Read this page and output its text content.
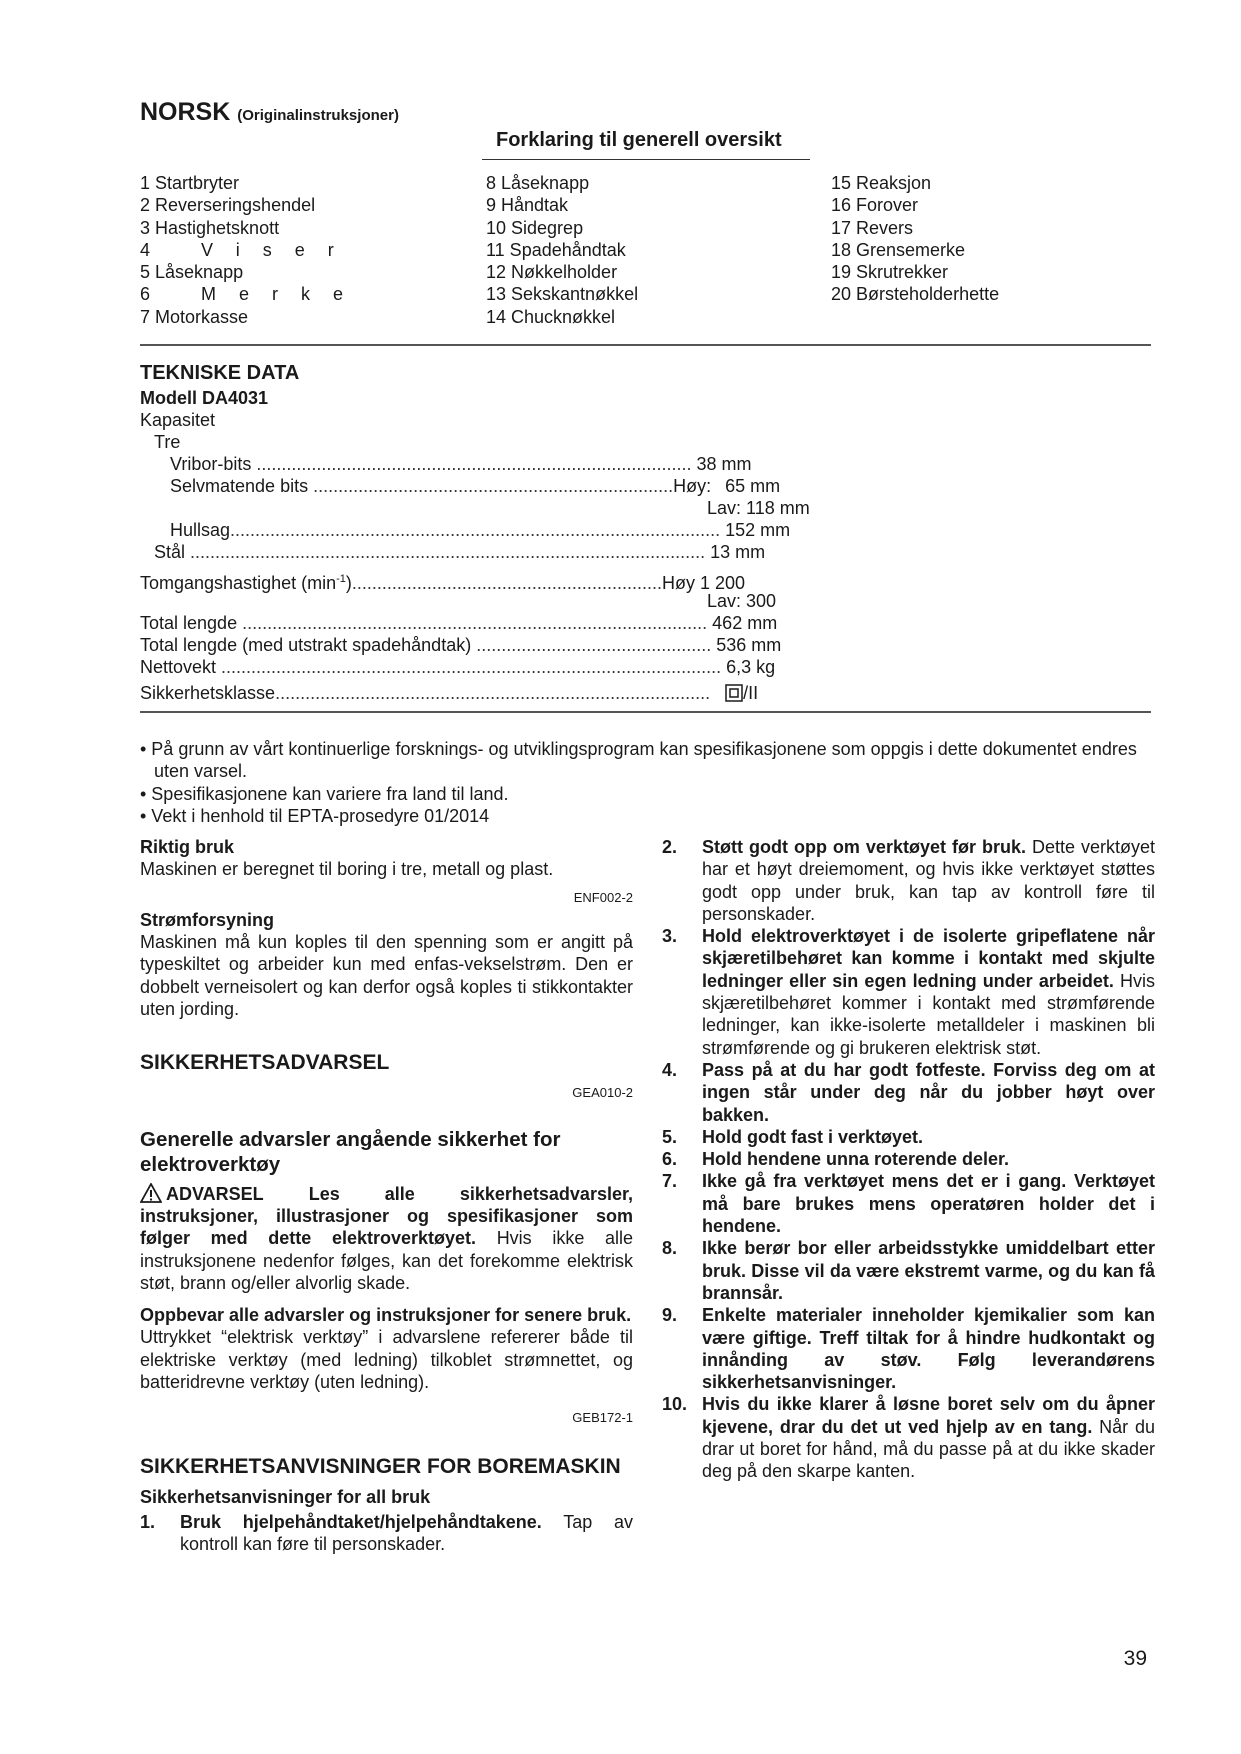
NORSK (Originalinstruksjoner)
Forklaring til generell oversikt
1 Startbryter
2 Reverseringshendel
3 Hastighetsknott
4 Viser
5 Låseknapp
6 Merke
7 Motorkasse
8 Låseknapp
9 Håndtak
10 Sidegrep
11 Spadehåndtak
12 Nøkkelholder
13 Sekskantnøkkel
14 Chucknøkkel
15 Reaksjon
16 Forover
17 Revers
18 Grensemerke
19 Skrutrekker
20 Børsteholderhette
TEKNISKE DATA
Modell DA4031
Kapasitet
Tre
Vribor-bits ....................................................................................... 38 mm
Selvmatende bits ........................................................................Høy: 65 mm
Lav: 118 mm
Hullsag.................................................................................................. 152 mm
Stål ....................................................................................................... 13 mm
Tomgangshastighet $(\min^{-1})..............................................................Høy$ 1 200
Lav: 300
Total lengde ............................................................................................. 462 mm
Total lengde (med utstrakt spadehåndtak) ............................................... 536 mm
Nettovekt .................................................................................................... 6,3 kg
Sikkerhetsklasse....................................................................................... /II
• På grunn av vårt kontinuerlige forsknings- og utviklingsprogram kan spesifikasjonene som oppgis i dette dokumentet endres uten varsel.
• Spesifikasjonene kan variere fra land til land.
• Vekt i henhold til EPTA-prosedyre 01/2014
Riktig bruk
Maskinen er beregnet til boring i tre, metall og plast.
ENF002-2
Strømforsyning
Maskinen må kun koples til den spenning som er angitt på typeskiltet og arbeider kun med enfas-vekselstrøm. Den er dobbelt verneisolert og kan derfor også koples ti stikkontakter uten jording.
SIKKERHETSADVARSEL
GEA010-2
Generelle advarsler angående sikkerhet for elektroverktøy
ADVARSEL	Les alle sikkerhetsadvarsler, instruksjoner, illustrasjoner og spesifikasjoner som følger med dette elektroverktøyet. Hvis ikke alle instruksjonene nedenfor følges, kan det forekomme elektrisk støt, brann og/eller alvorlig skade.
Oppbevar alle advarsler og instruksjoner for senere bruk.
Uttrykket “elektrisk verktøy” i advarslene refererer både til elektriske verktøy (med ledning) tilkoblet strømnettet, og batteridrevne verktøy (uten ledning).
GEB172-1
SIKKERHETSANVISNINGER FOR BOREMASKIN
Sikkerhetsanvisninger for all bruk
1. Bruk hjelpehåndtaket/hjelpehåndtakene. Tap av kontroll kan føre til personskader.
2. Støtt godt opp om verktøyet før bruk. Dette verktøyet har et høyt dreiemoment, og hvis ikke verktøyet støttes godt opp under bruk, kan tap av kontroll føre til personskader.
3. Hold elektroverktøyet i de isolerte gripeflatene når skjæretilbehøret kan komme i kontakt med skjulte ledninger eller sin egen ledning under arbeidet. Hvis skjæretilbehøret kommer i kontakt med strømførende ledninger, kan ikke-isolerte metalldeler i maskinen bli strømførende og gi brukeren elektrisk støt.
4. Pass på at du har godt fotfeste. Forviss deg om at ingen står under deg når du jobber høyt over bakken.
5. Hold godt fast i verktøyet.
6. Hold hendene unna roterende deler.
7. Ikke gå fra verktøyet mens det er i gang. Verktøyet må bare brukes mens operatøren holder det i hendene.
8. Ikke berør bor eller arbeidsstykke umiddelbart etter bruk. Disse vil da være ekstremt varme, og du kan få brannsår.
9. Enkelte materialer inneholder kjemikalier som kan være giftige. Treff tiltak for å hindre hudkontakt og innånding av støv. Følg leverandørens sikkerhetsanvisninger.
10. Hvis du ikke klarer å løsne boret selv om du åpner kjevene, drar du det ut ved hjelp av en tang. Når du drar ut boret for hånd, må du passe på at du ikke skader deg på den skarpe kanten.
39
